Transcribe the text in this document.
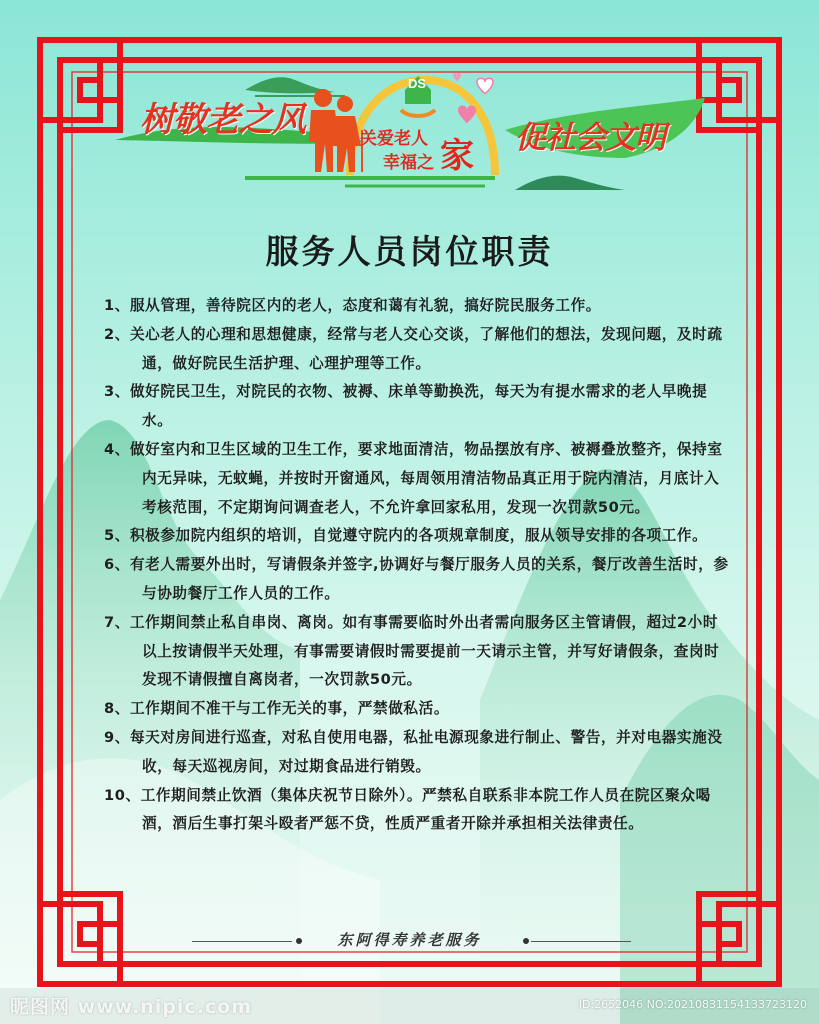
树敬老之风	促社会文明
DS
关爱老人
幸福之 家
服务人员岗位职责
1、服从管理，善待院区内的老人，态度和蔼有礼貌，搞好院民服务工作。
2、关心老人的心理和思想健康，经常与老人交心交谈，了解他们的想法，发现问题，及时疏通，做好院民生活护理、心理护理等工作。
3、做好院民卫生，对院民的衣物、被褥、床单等勤换洗，每天为有提水需求的老人早晚提水。
4、做好室内和卫生区域的卫生工作，要求地面清洁，物品摆放有序、被褥叠放整齐，保持室内无异味，无蚊蝇，并按时开窗通风，每周领用清洁物品真正用于院内清洁，月底计入考核范围，不定期询问调查老人，不允许拿回家私用，发现一次罚款50元。
5、积极参加院内组织的培训，自觉遵守院内的各项规章制度，服从领导安排的各项工作。
6、有老人需要外出时，写请假条并签字,协调好与餐厅服务人员的关系，餐厅改善生活时，参与协助餐厅工作人员的工作。
7、工作期间禁止私自串岗、离岗。如有事需要临时外出者需向服务区主管请假，超过2小时以上按请假半天处理，有事需要请假时需要提前一天请示主管，并写好请假条，查岗时发现不请假擅自离岗者，一次罚款50元。
8、工作期间不准干与工作无关的事，严禁做私活。
9、每天对房间进行巡查，对私自使用电器，私扯电源现象进行制止、警告，并对电器实施没收，每天巡视房间，对过期食品进行销毁。
10、工作期间禁止饮酒（集体庆祝节日除外）。严禁私自联系非本院工作人员在院区聚众喝酒，酒后生事打架斗殴者严惩不贷，性质严重者开除并承担相关法律责任。
东阿得寿养老服务
昵图网 www.nipic.com	ID:2652046 NO:20210831154133723120
